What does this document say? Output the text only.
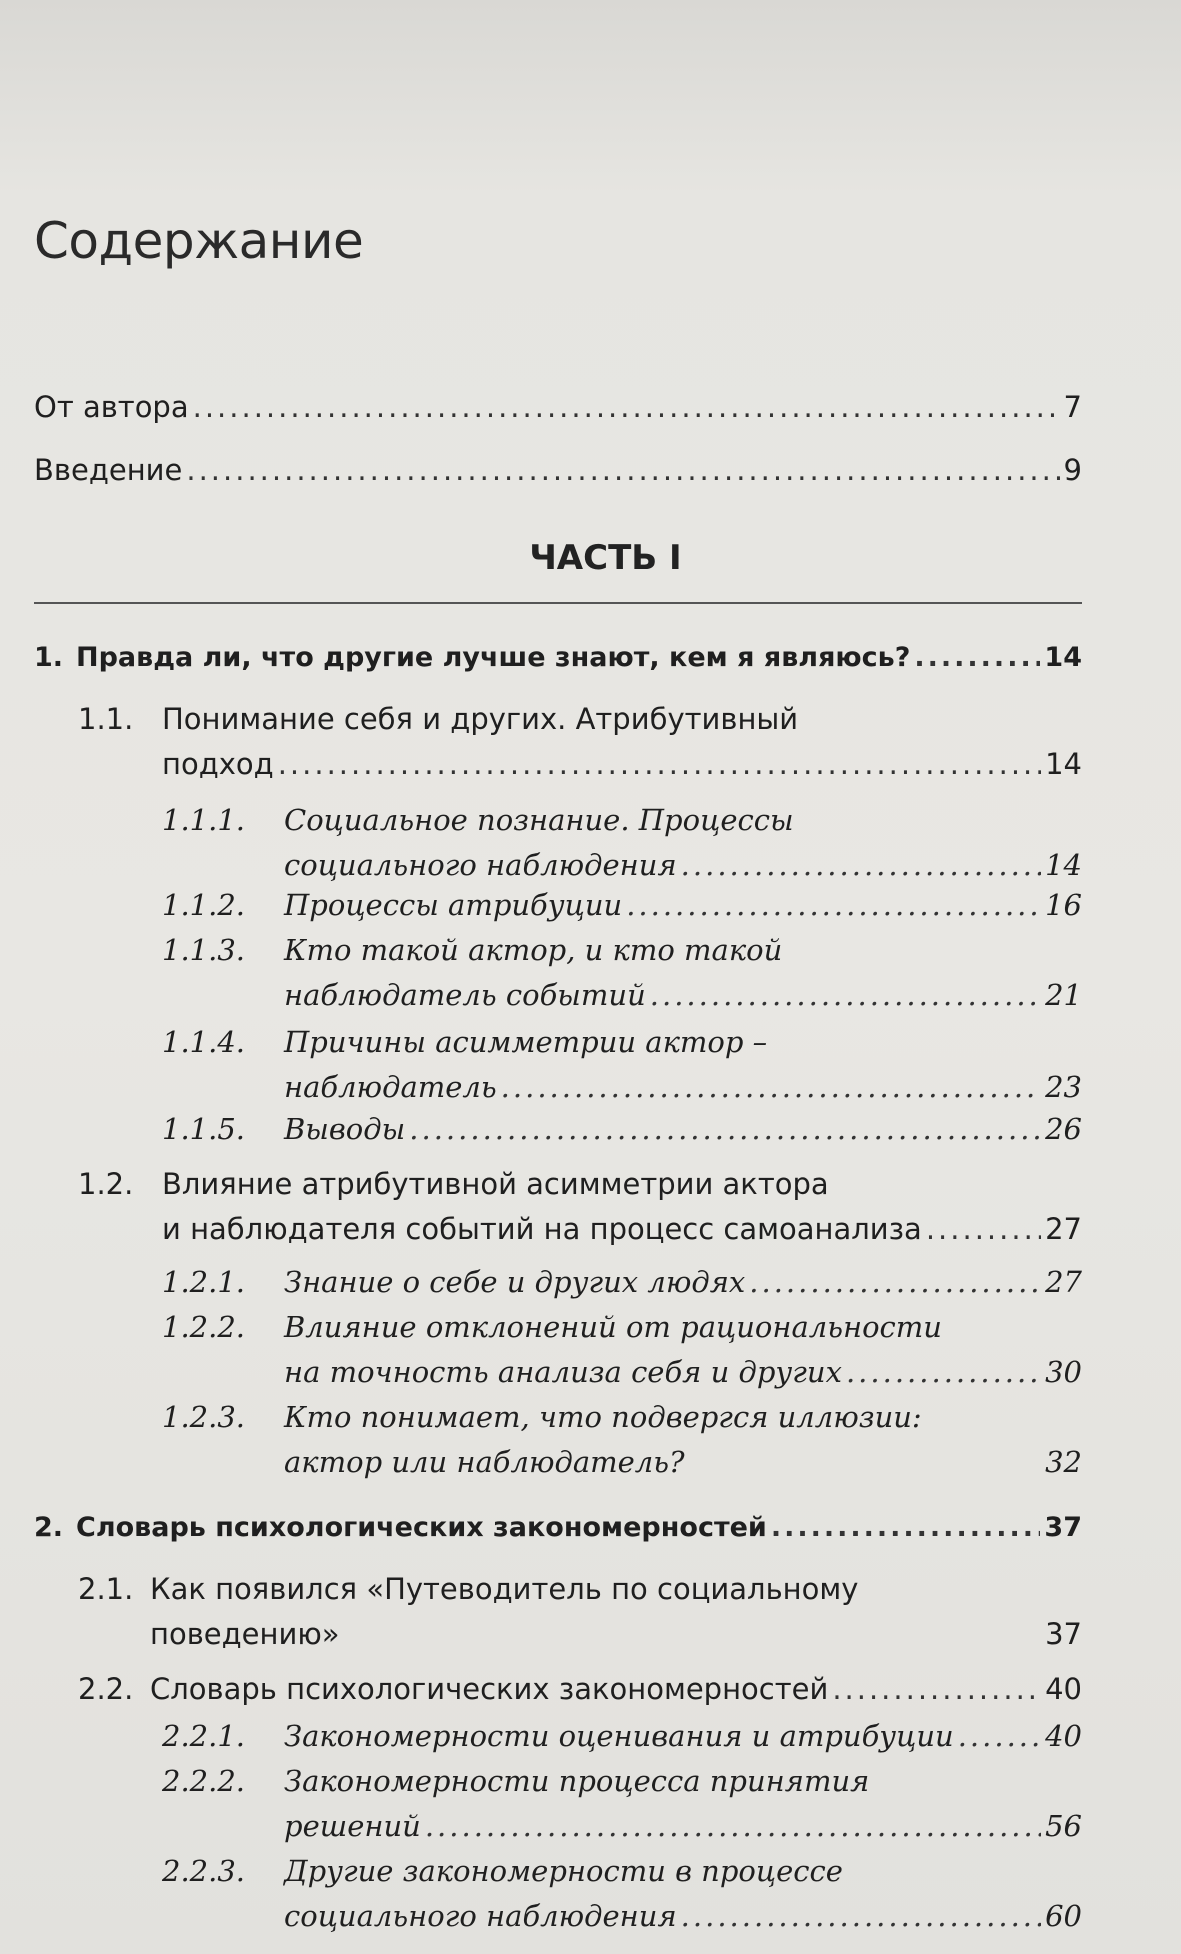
Содержание
От автора .....	7
Введение .....	9
ЧАСТЬ I
1. Правда ли, что другие лучше знают, кем я являюсь? .....	14
1.1. Понимание себя и других. Атрибутивный
подход .....	14
1.1.1. Социальное познание. Процессы
социального наблюдения .....	14
1.1.2. Процессы атрибуции .....	16
1.1.3. Кто такой актор, и кто такой
наблюдатель событий .....	21
1.1.4. Причины асимметрии актор –
наблюдатель .....	23
1.1.5. Выводы .....	26
1.2. Влияние атрибутивной асимметрии актора
и наблюдателя событий на процесс самоанализа .....	27
1.2.1. Знание о себе и других людях .....	27
1.2.2. Влияние отклонений от рациональности
на точность анализа себя и других .....	30
1.2.3. Кто понимает, что подвергся иллюзии:
актор или наблюдатель?	32
2. Словарь психологических закономерностей .....	37
2.1. Как появился «Путеводитель по социальному
поведению»	37
2.2. Словарь психологических закономерностей .....	40
2.2.1. Закономерности оценивания и атрибуции .....	40
2.2.2. Закономерности процесса принятия
решений .....	56
2.2.3. Другие закономерности в процессе
социального наблюдения .....	60
